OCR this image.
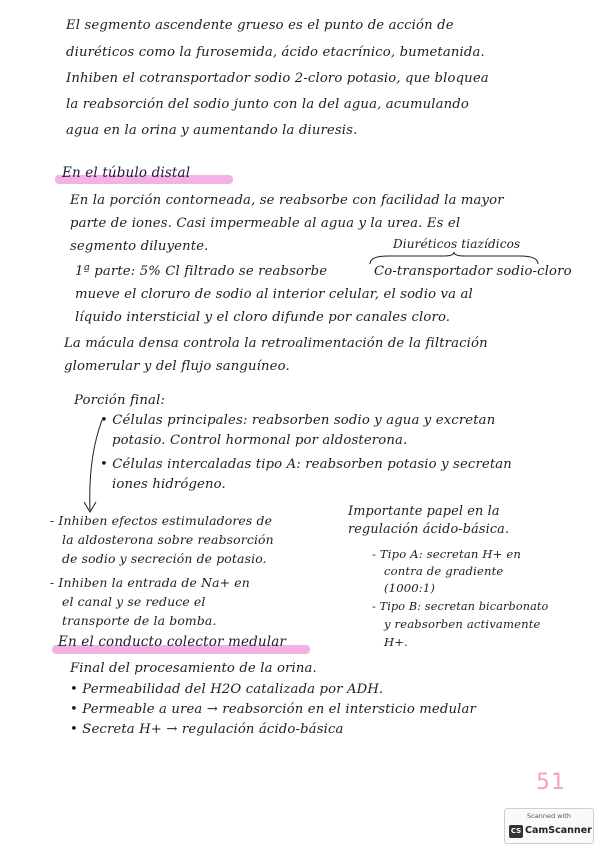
El segmento ascendente grueso es el punto de acción de
diuréticos como la furosemida, ácido etacrínico, bumetanida.
Inhiben el cotransportador sodio 2-cloro potasio, que bloquea
la reabsorción del sodio junto con la del agua, acumulando
agua en la orina y aumentando la diuresis.
En el túbulo distal
En la porción contorneada, se reabsorbe con facilidad la mayor
parte de iones. Casi impermeable al agua y la urea. Es el
segmento diluyente.	Diuréticos tiazídicos
1ª parte: 5% Cl filtrado se reabsorbe	Co-transportador sodio-cloro
mueve el cloruro de sodio al interior celular, el sodio va al
líquido intersticial y el cloro difunde por canales cloro.
La mácula densa controla la retroalimentación de la filtración
glomerular y del flujo sanguíneo.
Porción final:
• Células principales: reabsorben sodio y agua y excretan
potasio. Control hormonal por aldosterona.
• Células intercaladas tipo A: reabsorben potasio y secretan
iones hidrógeno.
- Inhiben efectos estimuladores de
la aldosterona sobre reabsorción
de sodio y secreción de potasio.
- Inhiben la entrada de Na+ en
el canal y se reduce el
transporte de la bomba.
Importante papel en la
regulación ácido-básica.
- Tipo A: secretan H+ en
contra de gradiente
(1000:1)
- Tipo B: secretan bicarbonato
y reabsorben activamente
H+.
En el conducto colector medular
Final del procesamiento de la orina.
• Permeabilidad del H2O catalizada por ADH.
• Permeable a urea → reabsorción en el intersticio medular
• Secreta H+ → regulación ácido-básica
51
Scanned with
CS CamScanner
